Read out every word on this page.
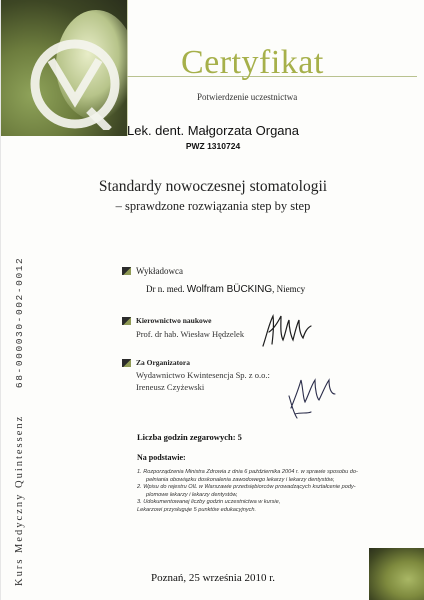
Certyfikat
Potwierdzenie uczestnictwa
Lek. dent. Małgorzata Organa
PWZ 1310724
Standardy nowoczesnej stomatologii
– sprawdzone rozwiązania step by step
Kurs Medyczny Quintessenz 68-000030-002-0012	Wykładowca
Dr n. med. Wolfram BÜCKING, Niemcy
Kierownictwo naukowe
Prof. dr hab. Wiesław Hędzelek
Za Organizatora
Wydawnictwo Kwintesencja Sp. z o.o.:
Ireneusz Czyżewski
Liczba godzin zegarowych: 5
Na podstawie:
1. Rozporządzenia Ministra Zdrowia z dnia 6 października 2004 r. w sprawie sposobu do-
pełniania obowiązku doskonalenia zawodowego lekarzy i lekarzy dentystów,
2. Wpisu do rejestru OIL w Warszawie przedsiębiorców prowadzących kształcenie pody-
plomowe lekarzy i lekarzy dentystów,
3. Udokumentowanej liczby godzin uczestnictwa w kursie,
Lekarzowi przysługuje 5 punktów edukacyjnych.
Poznań, 25 września 2010 r.
